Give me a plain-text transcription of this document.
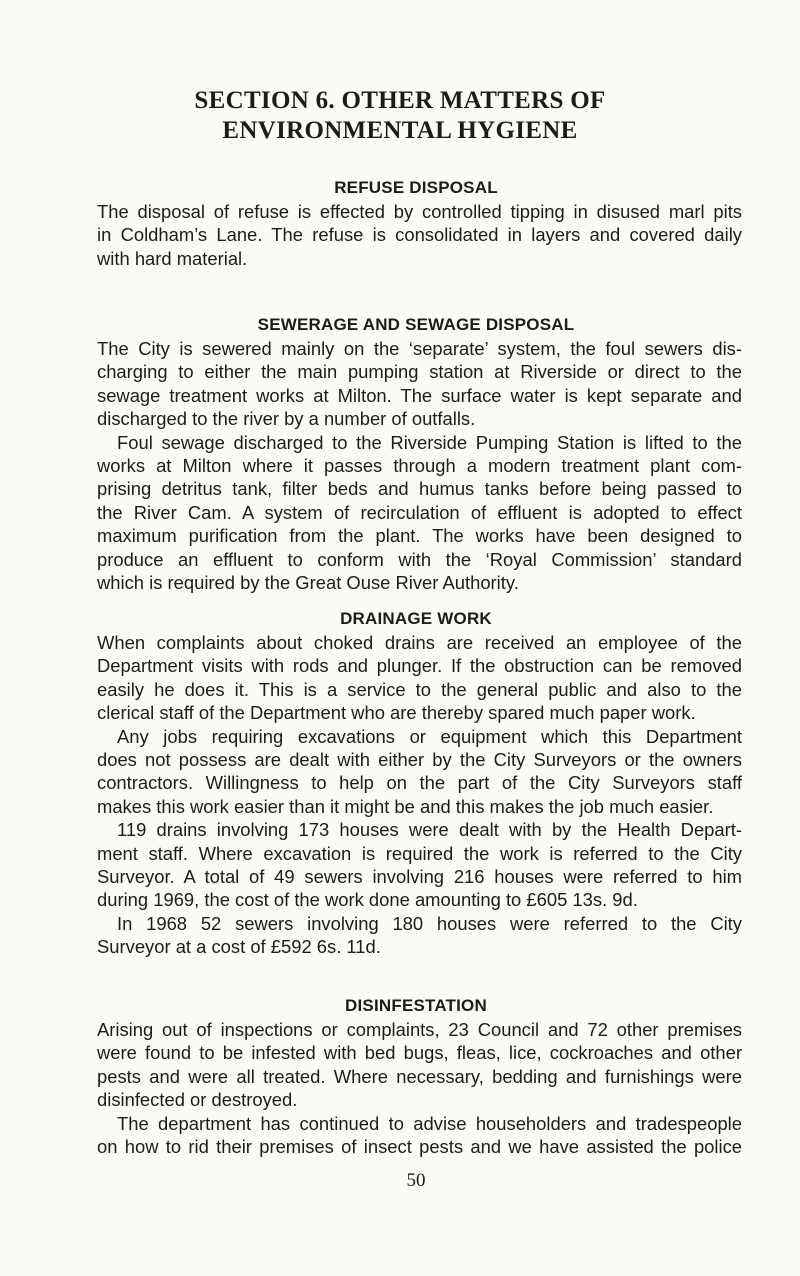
SECTION 6. OTHER MATTERS OF
ENVIRONMENTAL HYGIENE
REFUSE DISPOSAL
The disposal of refuse is effected by controlled tipping in disused marl pits
in Coldham’s Lane. The refuse is consolidated in layers and covered daily
with hard material.
SEWERAGE AND SEWAGE DISPOSAL
The City is sewered mainly on the ‘separate’ system, the foul sewers dis-
charging to either the main pumping station at Riverside or direct to the
sewage treatment works at Milton. The surface water is kept separate and
discharged to the river by a number of outfalls.
Foul sewage discharged to the Riverside Pumping Station is lifted to the
works at Milton where it passes through a modern treatment plant com-
prising detritus tank, filter beds and humus tanks before being passed to
the River Cam. A system of recirculation of effluent is adopted to effect
maximum purification from the plant. The works have been designed to
produce an effluent to conform with the ‘Royal Commission’ standard
which is required by the Great Ouse River Authority.
DRAINAGE WORK
When complaints about choked drains are received an employee of the
Department visits with rods and plunger. If the obstruction can be removed
easily he does it. This is a service to the general public and also to the
clerical staff of the Department who are thereby spared much paper work.
Any jobs requiring excavations or equipment which this Department
does not possess are dealt with either by the City Surveyors or the owners
contractors. Willingness to help on the part of the City Surveyors staff
makes this work easier than it might be and this makes the job much easier.
119 drains involving 173 houses were dealt with by the Health Depart-
ment staff. Where excavation is required the work is referred to the City
Surveyor. A total of 49 sewers involving 216 houses were referred to him
during 1969, the cost of the work done amounting to £605 13s. 9d.
In 1968 52 sewers involving 180 houses were referred to the City
Surveyor at a cost of £592 6s. 11d.
DISINFESTATION
Arising out of inspections or complaints, 23 Council and 72 other premises
were found to be infested with bed bugs, fleas, lice, cockroaches and other
pests and were all treated. Where necessary, bedding and furnishings were
disinfected or destroyed.
The department has continued to advise householders and tradespeople
on how to rid their premises of insect pests and we have assisted the police
50
